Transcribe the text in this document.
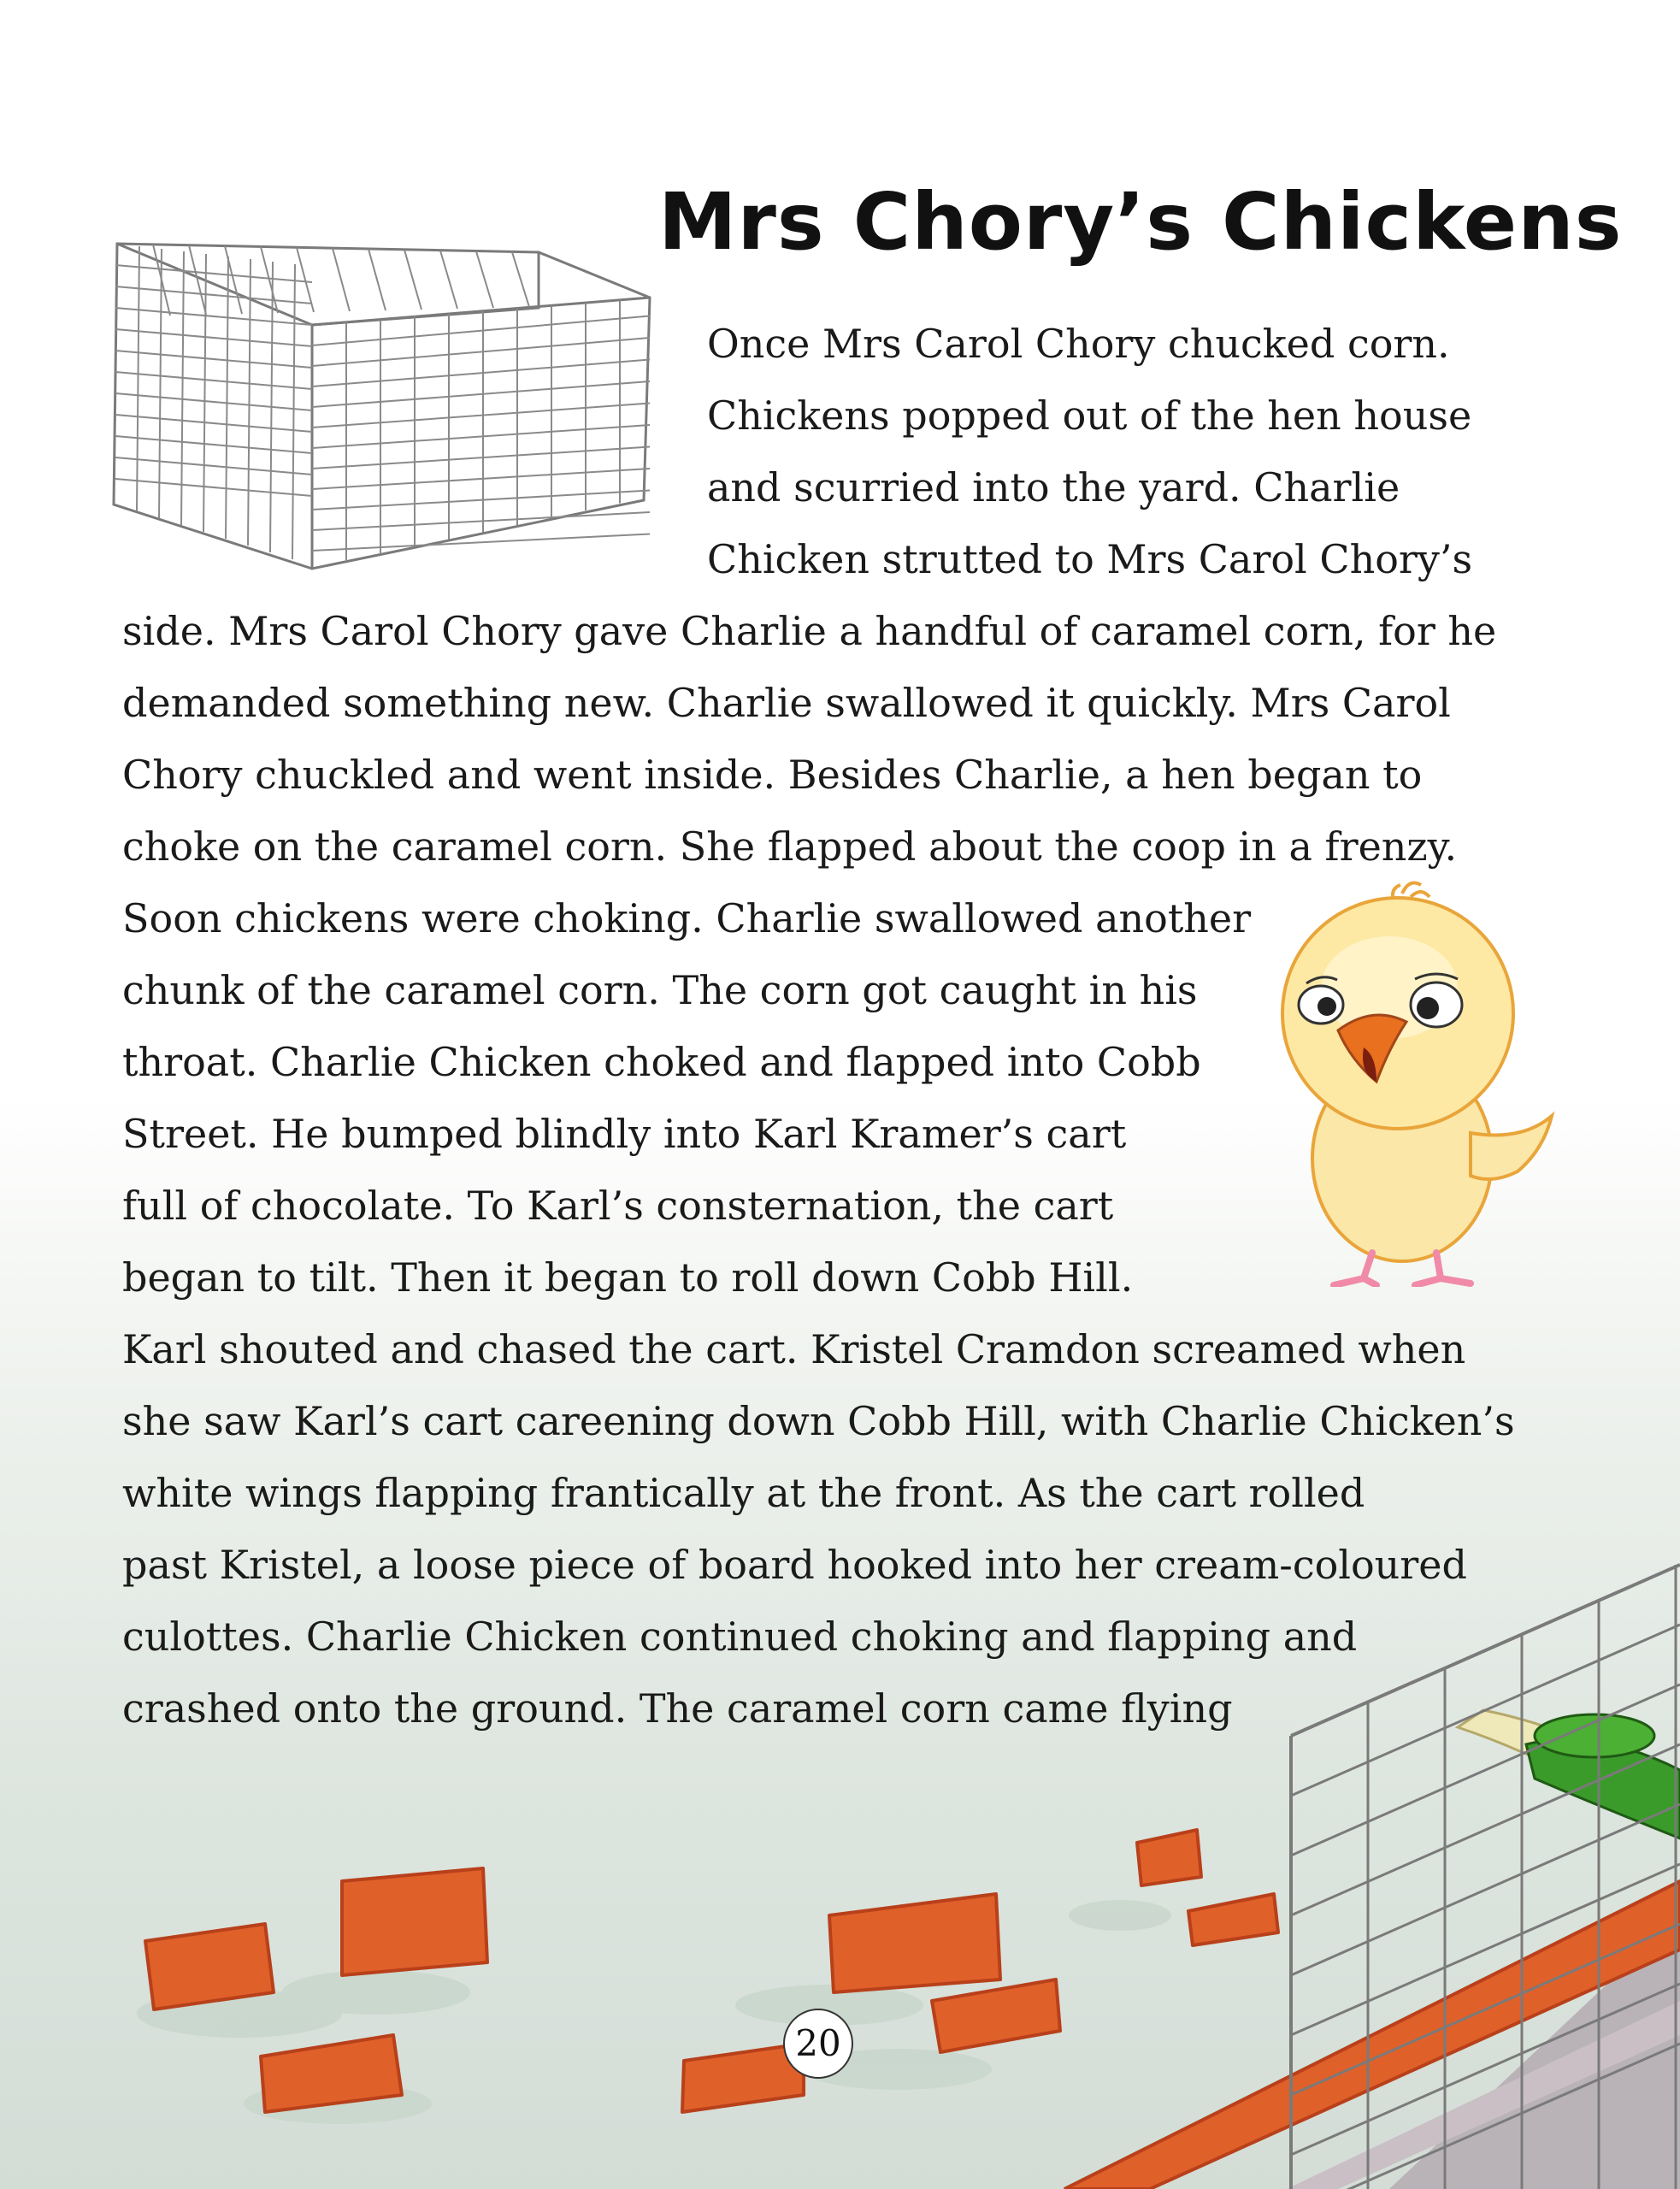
Mrs Chory’s Chickens
Once Mrs Carol Chory chucked corn.
Chickens popped out of the hen house
and scurried into the yard. Charlie
Chicken strutted to Mrs Carol Chory’s
side. Mrs Carol Chory gave Charlie a handful of caramel corn, for he
demanded something new. Charlie swallowed it quickly. Mrs Carol
Chory chuckled and went inside. Besides Charlie, a hen began to
choke on the caramel corn. She flapped about the coop in a frenzy.
Soon chickens were choking. Charlie swallowed another
chunk of the caramel corn. The corn got caught in his
throat. Charlie Chicken choked and flapped into Cobb
Street. He bumped blindly into Karl Kramer’s cart
full of chocolate. To Karl’s consternation, the cart
began to tilt. Then it began to roll down Cobb Hill.
Karl shouted and chased the cart. Kristel Cramdon screamed when
she saw Karl’s cart careening down Cobb Hill, with Charlie Chicken’s
white wings flapping frantically at the front. As the cart rolled
past Kristel, a loose piece of board hooked into her cream-coloured
culottes. Charlie Chicken continued choking and flapping and
crashed onto the ground. The caramel corn came flying
20
